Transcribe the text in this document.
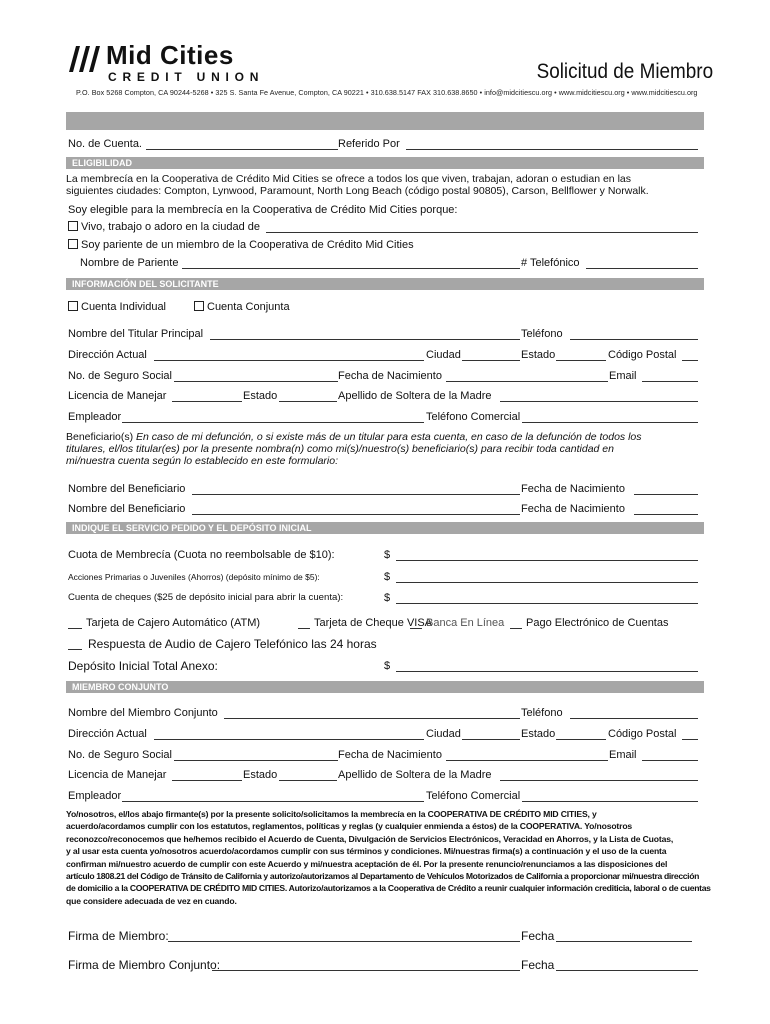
Mid Cities
CREDIT UNION	Solicitud de Miembro
P.O. Box 5268 Compton, CA 90244-5268 • 325 S. Santa Fe Avenue, Compton, CA 90221 • 310.638.5147 FAX 310.638.8650 • info@midcitiescu.org • www.midcitiescu.org • www.midcitiescu.org
No. de Cuenta.	Referido Por
ELIGIBILIDAD
La membrecía en la Cooperativa de Crédito Mid Cities se ofrece a todos los que viven, trabajan, adoran o estudian en las
siguientes ciudades: Compton, Lynwood, Paramount, North Long Beach (código postal 90805), Carson, Bellflower y Norwalk.
Soy elegible para la membrecía en la Cooperativa de Crédito Mid Cities porque:
Vivo, trabajo o adoro en la ciudad de
Soy pariente de un miembro de la Cooperativa de Crédito Mid Cities
Nombre de Pariente	# Telefónico
INFORMACIÓN DEL SOLICITANTE
Cuenta Individual	Cuenta Conjunta
Nombre del Titular Principal	Teléfono
Dirección Actual	Ciudad	Estado	Código Postal
No. de Seguro Social	Fecha de Nacimiento	Email
Licencia de Manejar	Estado	Apellido de Soltera de la Madre
Empleador	Teléfono Comercial
Beneficiario(s) En caso de mi defunción, o si existe más de un titular para esta cuenta, en caso de la defunción de todos los
titulares, el/los titular(es) por la presente nombra(n) como mi(s)/nuestro(s) beneficiario(s) para recibir toda cantidad en
mi/nuestra cuenta según lo establecido en este formulario:
Nombre del Beneficiario	Fecha de Nacimiento
Nombre del Beneficiario	Fecha de Nacimiento
INDIQUE EL SERVICIO PEDIDO Y EL DEPÓSITO INICIAL
Cuota de Membrecía (Cuota no reembolsable de $10):	$
Acciones Primarias o Juveniles (Ahorros) (depósito mínimo de $5):	$
Cuenta de cheques ($25 de depósito inicial para abrir la cuenta):	$
Tarjeta de Cajero Automático (ATM)	Tarjeta de Cheque VISA
Banca En Línea Pago Electrónico de Cuentas
Respuesta de Audio de Cajero Telefónico las 24 horas
Depósito Inicial Total Anexo:	$
MIEMBRO CONJUNTO
Nombre del Miembro Conjunto	Teléfono
Dirección Actual	Ciudad	Estado	Código Postal
No. de Seguro Social	Fecha de Nacimiento	Email
Licencia de Manejar	Estado	Apellido de Soltera de la Madre
Empleador	Teléfono Comercial
Yo/nosotros, el/los abajo firmante(s) por la presente solicito/solicitamos la membrecía en la COOPERATIVA DE CRÉDITO MID CITIES, y
acuerdo/acordamos cumplir con los estatutos, reglamentos, políticas y reglas (y cualquier enmienda a éstos) de la COOPERATIVA. Yo/nosotros
reconozco/reconocemos que he/hemos recibido el Acuerdo de Cuenta, Divulgación de Servicios Electrónicos, Veracidad en Ahorros, y la Lista de Cuotas,
y al usar esta cuenta yo/nosotros acuerdo/acordamos cumplir con sus términos y condiciones. Mi/nuestras firma(s) a continuación y el uso de la cuenta
confirman mi/nuestro acuerdo de cumplir con este Acuerdo y mi/nuestra aceptación de él. Por la presente renuncio/renunciamos a las disposiciones del
artículo 1808.21 del Código de Tránsito de California y autorizo/autorizamos al Departamento de Vehículos Motorizados de California a proporcionar mi/nuestra dirección
de domicilio a la COOPERATIVA DE CRÉDITO MID CITIES. Autorizo/autorizamos a la Cooperativa de Crédito a reunir cualquier información crediticia, laboral o de cuentas
que considere adecuada de vez en cuando.
Firma de Miembro:	Fecha
Firma de Miembro Conjunto:	Fecha
